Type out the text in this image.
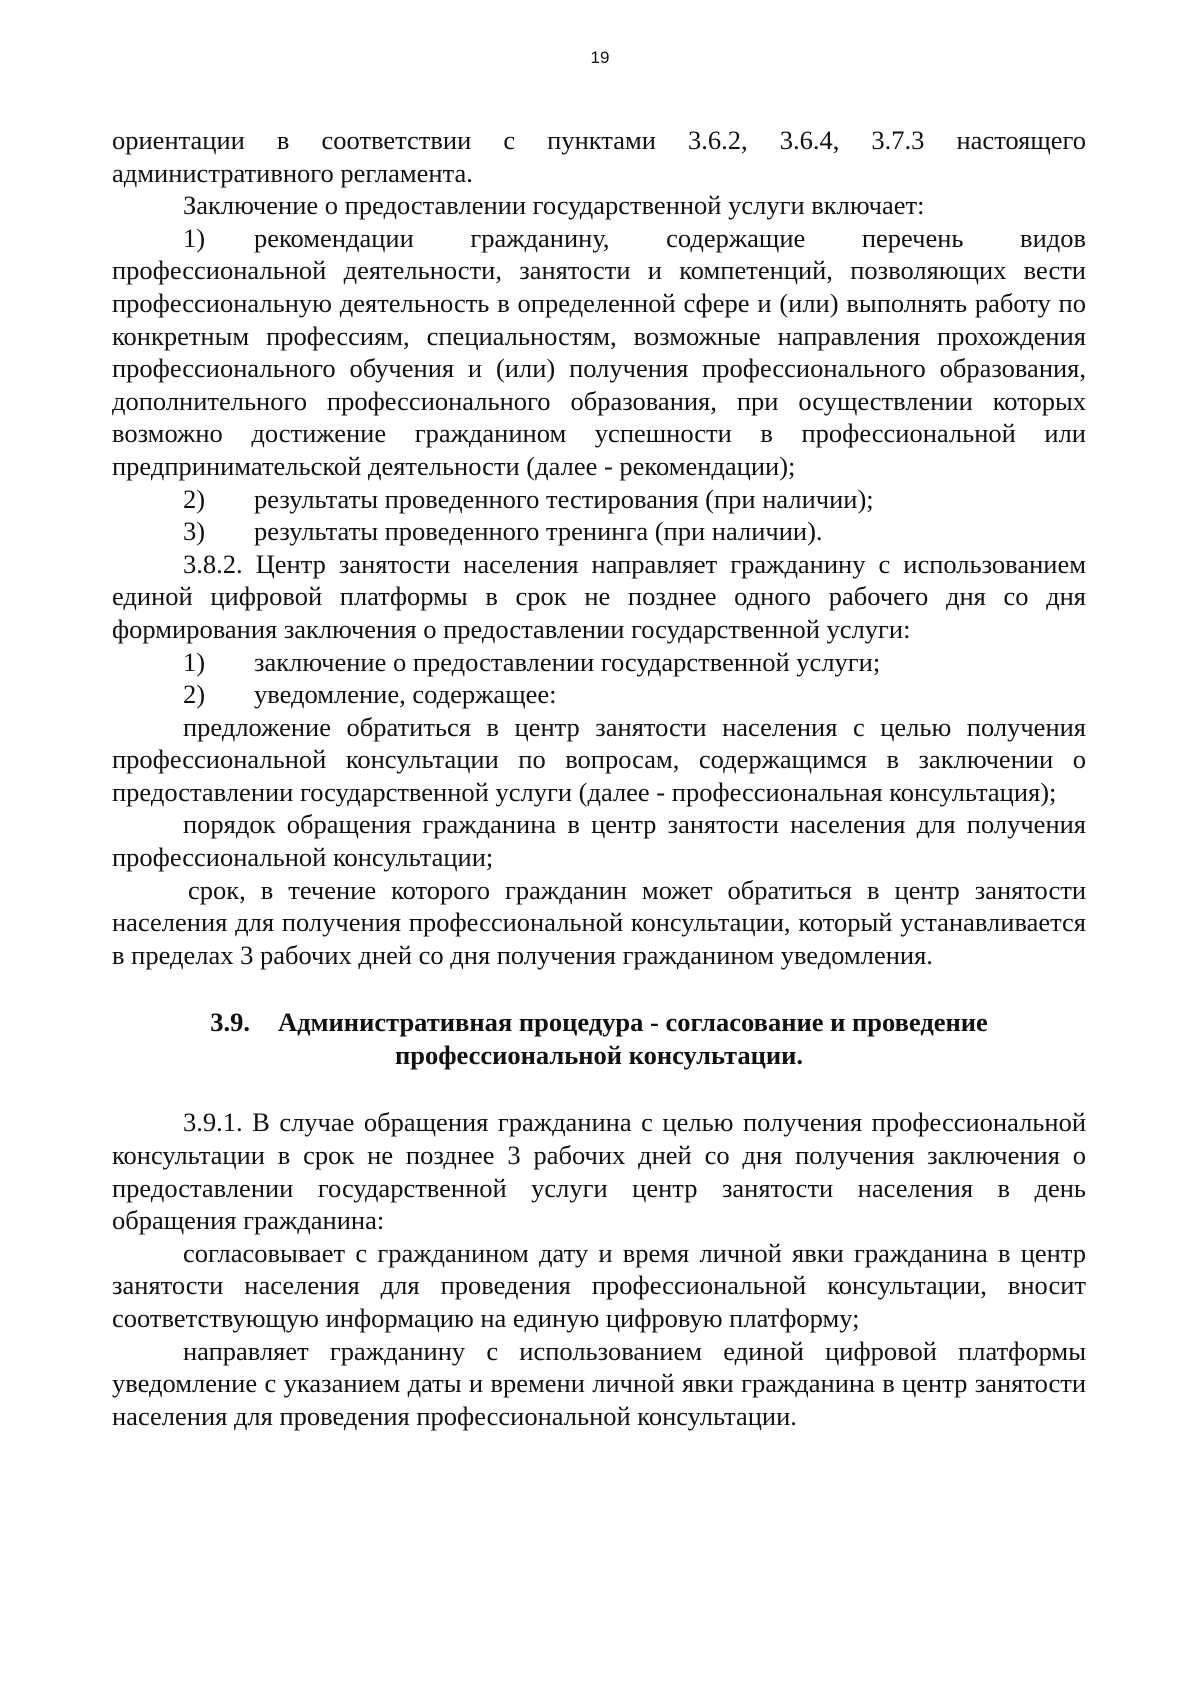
19

ориентации в соответствии с пунктами 3.6.2, 3.6.4, 3.7.3 настоящего административного регламента.

Заключение о предоставлении государственной услуги включает:

1) рекомендации гражданину, содержащие перечень видов профессиональной деятельности, занятости и компетенций, позволяющих вести профессиональную деятельность в определенной сфере и (или) выполнять работу по конкретным профессиям, специальностям, возможные направления прохождения профессионального обучения и (или) получения профессионального образования, дополнительного профессионального образования, при осуществлении которых возможно достижение гражданином успешности в профессиональной или предпринимательской деятельности (далее - рекомендации);

2) результаты проведенного тестирования (при наличии);

3) результаты проведенного тренинга (при наличии).

3.8.2. Центр занятости населения направляет гражданину с использованием единой цифровой платформы в срок не позднее одного рабочего дня со дня формирования заключения о предоставлении государственной услуги:

1) заключение о предоставлении государственной услуги;

2) уведомление, содержащее:

предложение обратиться в центр занятости населения с целью получения профессиональной консультации по вопросам, содержащимся в заключении о предоставлении государственной услуги (далее - профессиональная консультация);

порядок обращения гражданина в центр занятости населения для получения профессиональной консультации;

срок, в течение которого гражданин может обратиться в центр занятости населения для получения профессиональной консультации, который устанавливается в пределах 3 рабочих дней со дня получения гражданином уведомления.

3.9. Административная процедура - согласование и проведение

профессиональной консультации.

3.9.1. В случае обращения гражданина с целью получения профессиональной консультации в срок не позднее 3 рабочих дней со дня получения заключения о предоставлении государственной услуги центр занятости населения в день обращения гражданина:

согласовывает с гражданином дату и время личной явки гражданина в центр занятости населения для проведения профессиональной консультации, вносит соответствующую информацию на единую цифровую платформу;

направляет гражданину с использованием единой цифровой платформы уведомление с указанием даты и времени личной явки гражданина в центр занятости населения для проведения профессиональной консультации.
